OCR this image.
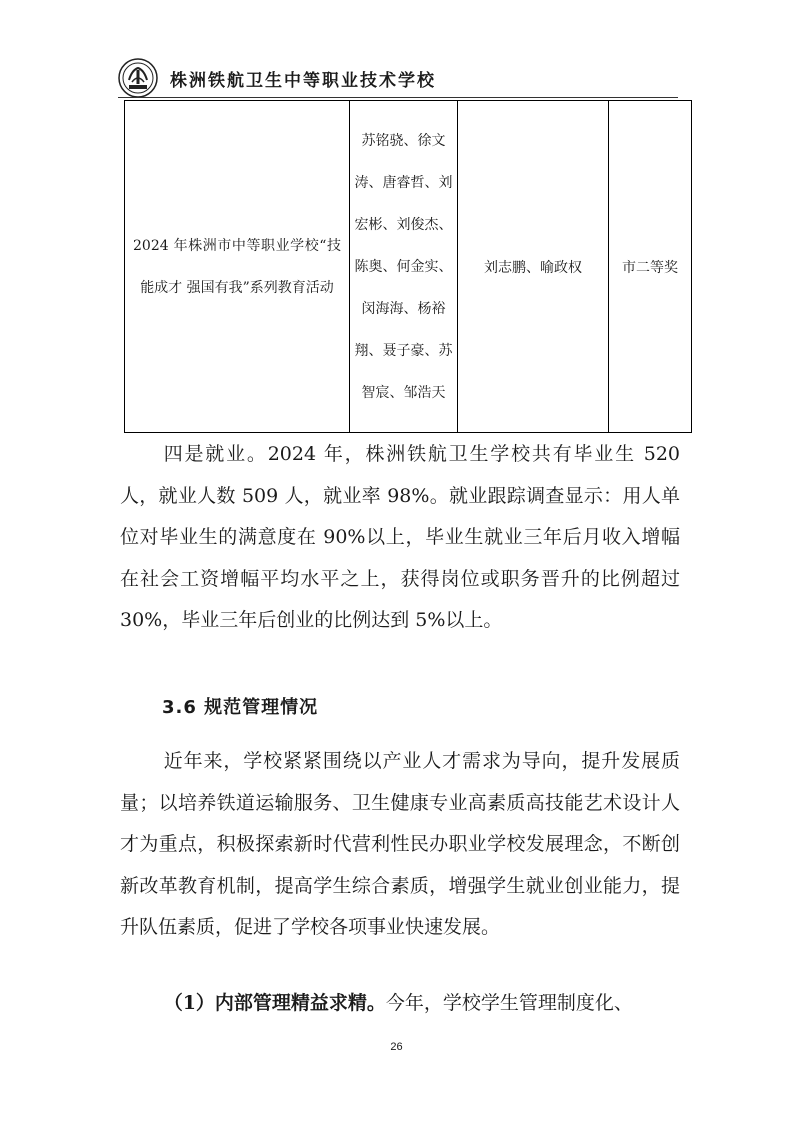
株洲铁航卫生中等职业技术学校
2024 年株洲市中等职业学校“技能成才 强国有我”系列教育活动	苏铭骁、徐文涛、唐睿哲、刘宏彬、刘俊杰、陈奥、何金实、闵海海、杨裕翔、聂子豪、苏智宸、邹浩天	刘志鹏、喻政权	市二等奖
四是就业。2024 年，株洲铁航卫生学校共有毕业生 520 人，就业人数 509 人，就业率 98%。就业跟踪调查显示：用人单位对毕业生的满意度在 90%以上，毕业生就业三年后月收入增幅在社会工资增幅平均水平之上，获得岗位或职务晋升的比例超过 30%，毕业三年后创业的比例达到 5%以上。
3.6 规范管理情况
近年来，学校紧紧围绕以产业人才需求为导向，提升发展质量；以培养铁道运输服务、卫生健康专业高素质高技能艺术设计人才为重点，积极探索新时代营利性民办职业学校发展理念，不断创新改革教育机制，提高学生综合素质，增强学生就业创业能力，提升队伍素质，促进了学校各项事业快速发展。
（1）内部管理精益求精。今年，学校学生管理制度化、
26
